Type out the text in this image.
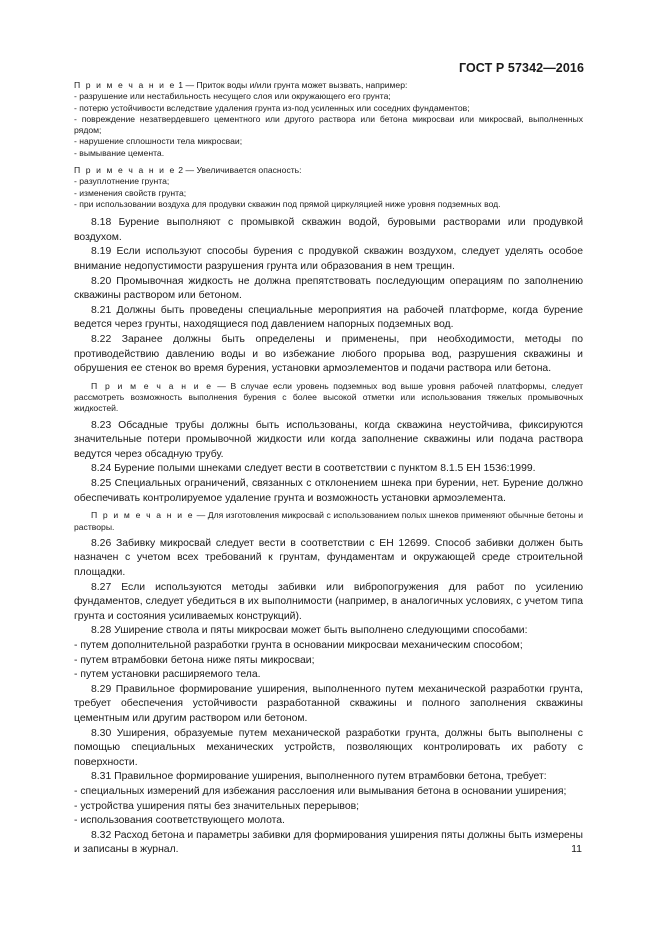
ГОСТ Р 57342—2016
П р и м е ч а н и е 1 — Приток воды и/или грунта может вызвать, например:
- разрушение или нестабильность несущего слоя или окружающего его грунта;
- потерю устойчивости вследствие удаления грунта из-под усиленных или соседних фундаментов;
- повреждение незатвердевшего цементного или другого раствора или бетона микросваи или микросвай, выполненных рядом;
- нарушение сплошности тела микросваи;
- вымывание цемента.
П р и м е ч а н и е 2 — Увеличивается опасность:
- разуплотнение грунта;
- изменения свойств грунта;
- при использовании воздуха для продувки скважин под прямой циркуляцией ниже уровня подземных вод.
8.18 Бурение выполняют с промывкой скважин водой, буровыми растворами или продувкой воздухом.
8.19 Если используют способы бурения с продувкой скважин воздухом, следует уделять особое внимание недопустимости разрушения грунта или образования в нем трещин.
8.20 Промывочная жидкость не должна препятствовать последующим операциям по заполнению скважины раствором или бетоном.
8.21 Должны быть проведены специальные мероприятия на рабочей платформе, когда бурение ведется через грунты, находящиеся под давлением напорных подземных вод.
8.22 Заранее должны быть определены и применены, при необходимости, методы по противодействию давлению воды и во избежание любого прорыва вод, разрушения скважины и обрушения ее стенок во время бурения, установки армоэлементов и подачи раствора или бетона.
П р и м е ч а н и е — В случае если уровень подземных вод выше уровня рабочей платформы, следует рассмотреть возможность выполнения бурения с более высокой отметки или использования тяжелых промывочных жидкостей.
8.23 Обсадные трубы должны быть использованы, когда скважина неустойчива, фиксируются значительные потери промывочной жидкости или когда заполнение скважины или подача раствора ведутся через обсадную трубу.
8.24 Бурение полыми шнеками следует вести в соответствии с пунктом 8.1.5 ЕН 1536:1999.
8.25 Специальных ограничений, связанных с отклонением шнека при бурении, нет. Бурение должно обеспечивать контролируемое удаление грунта и возможность установки армоэлемента.
П р и м е ч а н и е — Для изготовления микросвай с использованием полых шнеков применяют обычные бетоны и растворы.
8.26 Забивку микросвай следует вести в соответствии с ЕН 12699. Способ забивки должен быть назначен с учетом всех требований к грунтам, фундаментам и окружающей среде строительной площадки.
8.27 Если используются методы забивки или вибропогружения для работ по усилению фундаментов, следует убедиться в их выполнимости (например, в аналогичных условиях, с учетом типа грунта и состояния усиливаемых конструкций).
8.28 Уширение ствола и пяты микросваи может быть выполнено следующими способами:
- путем дополнительной разработки грунта в основании микросваи механическим способом;
- путем втрамбовки бетона ниже пяты микросваи;
- путем установки расширяемого тела.
8.29 Правильное формирование уширения, выполненного путем механической разработки грунта, требует обеспечения устойчивости разработанной скважины и полного заполнения скважины цементным или другим раствором или бетоном.
8.30 Уширения, образуемые путем механической разработки грунта, должны быть выполнены с помощью специальных механических устройств, позволяющих контролировать их работу с поверхности.
8.31 Правильное формирование уширения, выполненного путем втрамбовки бетона, требует:
- специальных измерений для избежания расслоения или вымывания бетона в основании уширения;
- устройства уширения пяты без значительных перерывов;
- использования соответствующего молота.
8.32 Расход бетона и параметры забивки для формирования уширения пяты должны быть измерены и записаны в журнал.	11
